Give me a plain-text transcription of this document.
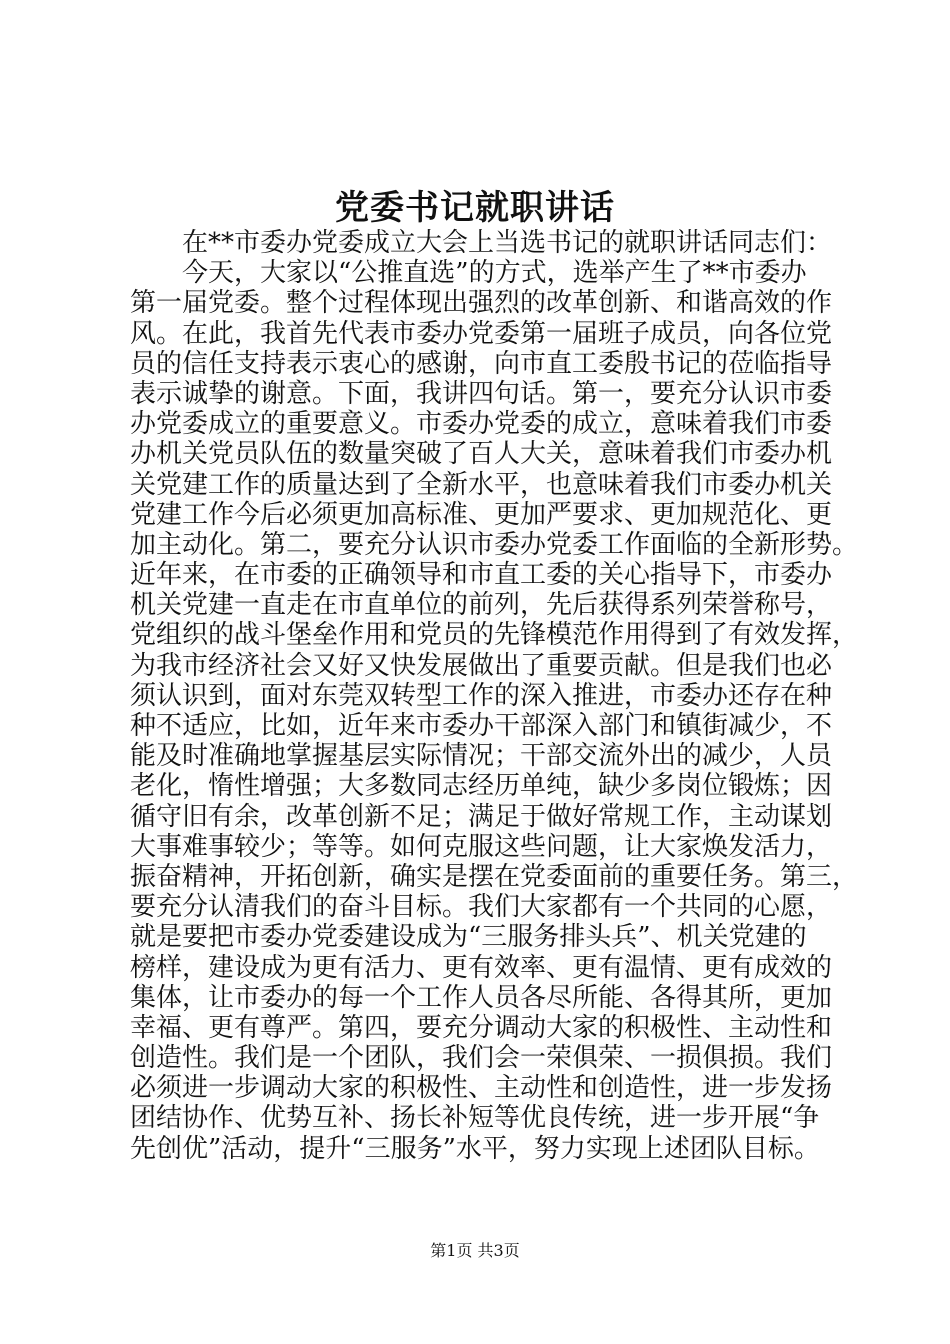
党委书记就职讲话
在**市委办党委成立大会上当选书记的就职讲话同志们：
今天，大家以“公推直选”的方式，选举产生了**市委办
第一届党委。整个过程体现出强烈的改革创新、和谐高效的作
风。在此，我首先代表市委办党委第一届班子成员，向各位党
员的信任支持表示衷心的感谢，向市直工委殷书记的莅临指导
表示诚挚的谢意。下面，我讲四句话。第一，要充分认识市委
办党委成立的重要意义。市委办党委的成立，意味着我们市委
办机关党员队伍的数量突破了百人大关，意味着我们市委办机
关党建工作的质量达到了全新水平，也意味着我们市委办机关
党建工作今后必须更加高标准、更加严要求、更加规范化、更
加主动化。第二，要充分认识市委办党委工作面临的全新形势。
近年来，在市委的正确领导和市直工委的关心指导下，市委办
机关党建一直走在市直单位的前列，先后获得系列荣誉称号，
党组织的战斗堡垒作用和党员的先锋模范作用得到了有效发挥，
为我市经济社会又好又快发展做出了重要贡献。但是我们也必
须认识到，面对东莞双转型工作的深入推进，市委办还存在种
种不适应，比如，近年来市委办干部深入部门和镇街减少，不
能及时准确地掌握基层实际情况；干部交流外出的减少，人员
老化，惰性增强；大多数同志经历单纯，缺少多岗位锻炼；因
循守旧有余，改革创新不足；满足于做好常规工作，主动谋划
大事难事较少；等等。如何克服这些问题，让大家焕发活力，
振奋精神，开拓创新，确实是摆在党委面前的重要任务。第三，
要充分认清我们的奋斗目标。我们大家都有一个共同的心愿，
就是要把市委办党委建设成为“三服务排头兵”、机关党建的
榜样，建设成为更有活力、更有效率、更有温情、更有成效的
集体，让市委办的每一个工作人员各尽所能、各得其所，更加
幸福、更有尊严。第四，要充分调动大家的积极性、主动性和
创造性。我们是一个团队，我们会一荣俱荣、一损俱损。我们
必须进一步调动大家的积极性、主动性和创造性，进一步发扬
团结协作、优势互补、扬长补短等优良传统，进一步开展“争
先创优”活动，提升“三服务”水平，努力实现上述团队目标。
第1页 共3页
